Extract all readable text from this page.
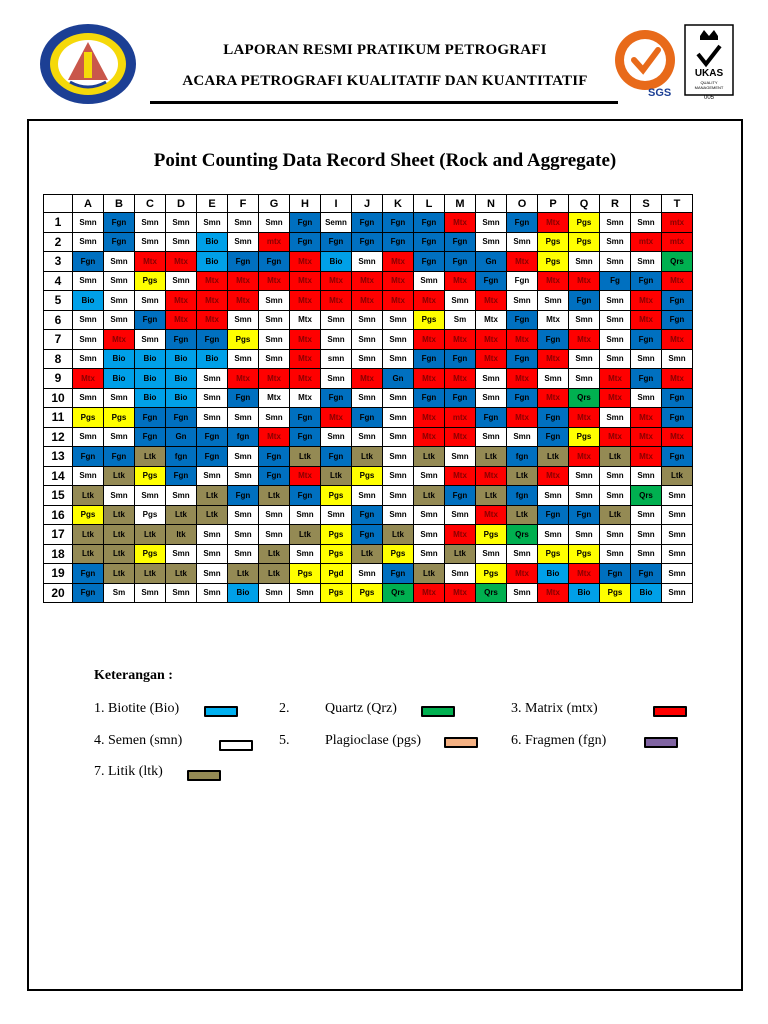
LAPORAN RESMI PRATIKUM PETROGRAFI
ACARA PETROGRAFI KUALITATIF DAN KUANTITATIF
SGS
UKAS
QUALITY
MANAGEMENT
005
Point Counting Data Record Sheet (Rock and Aggregate)
	A	B	C	D	E	F	G	H	I	J	K	L	M	N	O	P	Q	R	S	T
1	Smn	Fgn	Smn	Smn	Smn	Smn	Smn	Fgn	Semn	Fgn	Fgn	Fgn	Mtx	Smn	Fgn	Mtx	Pgs	Smn	Smn	mtx
2	Smn	Fgn	Smn	Smn	Bio	Smn	mtx	Fgn	Fgn	Fgn	Fgn	Fgn	Fgn	Smn	Smn	Pgs	Pgs	Smn	mtx	mtx
3	Fgn	Smn	Mtx	Mtx	Bio	Fgn	Fgn	Mtx	Bio	Smn	Mtx	Fgn	Fgn	Gn	Mtx	Pgs	Smn	Smn	Smn	Qrs
4	Smn	Smn	Pgs	Smn	Mtx	Mtx	Mtx	Mtx	Mtx	Mtx	Mtx	Smn	Mtx	Fgn	Fgn	Mtx	Mtx	Fg	Fgn	Mtx
5	Bio	Smn	Smn	Mtx	Mtx	Mtx	Smn	Mtx	Mtx	Mtx	Mtx	Mtx	Smn	Mtx	Smn	Smn	Fgn	Smn	Mtx	Fgn
6	Smn	Smn	Fgn	Mtx	Mtx	Smn	Smn	Mtx	Smn	Smn	Smn	Pgs	Sm	Mtx	Fgn	Mtx	Smn	Smn	Mtx	Fgn
7	Smn	Mtx	Smn	Fgn	Fgn	Pgs	Smn	Mtx	Smn	Smn	Smn	Mtx	Mtx	Mtx	Mtx	Fgn	Mtx	Smn	Fgn	Mtx
8	Smn	Bio	Bio	Bio	Bio	Smn	Smn	Mtx	smn	Smn	Smn	Fgn	Fgn	Mtx	Fgn	Mtx	Smn	Smn	Smn	Smn
9	Mtx	Bio	Bio	Bio	Smn	Mtx	Mtx	Mtx	Smn	Mtx	Gn	Mtx	Mtx	Smn	Mtx	Smn	Smn	Mtx	Fgn	Mtx
10	Smn	Smn	Bio	Bio	Smn	Fgn	Mtx	Mtx	Fgn	Smn	Smn	Fgn	Fgn	Smn	Fgn	Mtx	Qrs	Mtx	Smn	Fgn
11	Pgs	Pgs	Fgn	Fgn	Smn	Smn	Smn	Fgn	Mtx	Fgn	Smn	Mtx	mtx	Fgn	Mtx	Fgn	Mtx	Smn	Mtx	Fgn
12	Smn	Smn	Fgn	Gn	Fgn	fgn	Mtx	Fgn	Smn	Smn	Smn	Mtx	Mtx	Smn	Smn	Fgn	Pgs	Mtx	Mtx	Mtx
13	Fgn	Fgn	Ltk	fgn	Fgn	Smn	Fgn	Ltk	Fgn	Ltk	Smn	Ltk	Smn	Ltk	fgn	Ltk	Mtx	Ltk	Mtx	Fgn
14	Smn	Ltk	Pgs	Fgn	Smn	Smn	Fgn	Mtx	Ltk	Pgs	Smn	Smn	Mtx	Mtx	Ltk	Mtx	Smn	Smn	Smn	Ltk
15	Ltk	Smn	Smn	Smn	Ltk	Fgn	Ltk	Fgn	Pgs	Smn	Smn	Ltk	Fgn	Ltk	fgn	Smn	Smn	Smn	Qrs	Smn
16	Pgs	Ltk	Pgs	Ltk	Ltk	Smn	Smn	Smn	Smn	Fgn	Smn	Smn	Smn	Mtx	Ltk	Fgn	Fgn	Ltk	Smn	Smn
17	Ltk	Ltk	Ltk	ltk	Smn	Smn	Smn	Ltk	Pgs	Fgn	Ltk	Smn	Mtx	Pgs	Qrs	Smn	Smn	Smn	Smn	Smn
18	Ltk	Ltk	Pgs	Smn	Smn	Smn	Ltk	Smn	Pgs	Ltk	Pgs	Smn	Ltk	Smn	Smn	Pgs	Pgs	Smn	Smn	Smn
19	Fgn	Ltk	Ltk	Ltk	Smn	Ltk	Ltk	Pgs	Pgd	Smn	Fgn	Ltk	Smn	Pgs	Mtx	Bio	Mtx	Fgn	Fgn	Smn
20	Fgn	Sm	Smn	Smn	Smn	Bio	Smn	Smn	Pgs	Pgs	Qrs	Mtx	Mtx	Qrs	Smn	Mtx	Bio	Pgs	Bio	Smn
Keterangan :
1. Biotite (Bio)	2.	Quartz (Qrz)	3. Matrix (mtx)
4. Semen (smn)	5.	Plagioclase (pgs)	6. Fragmen (fgn)
7. Litik (ltk)
